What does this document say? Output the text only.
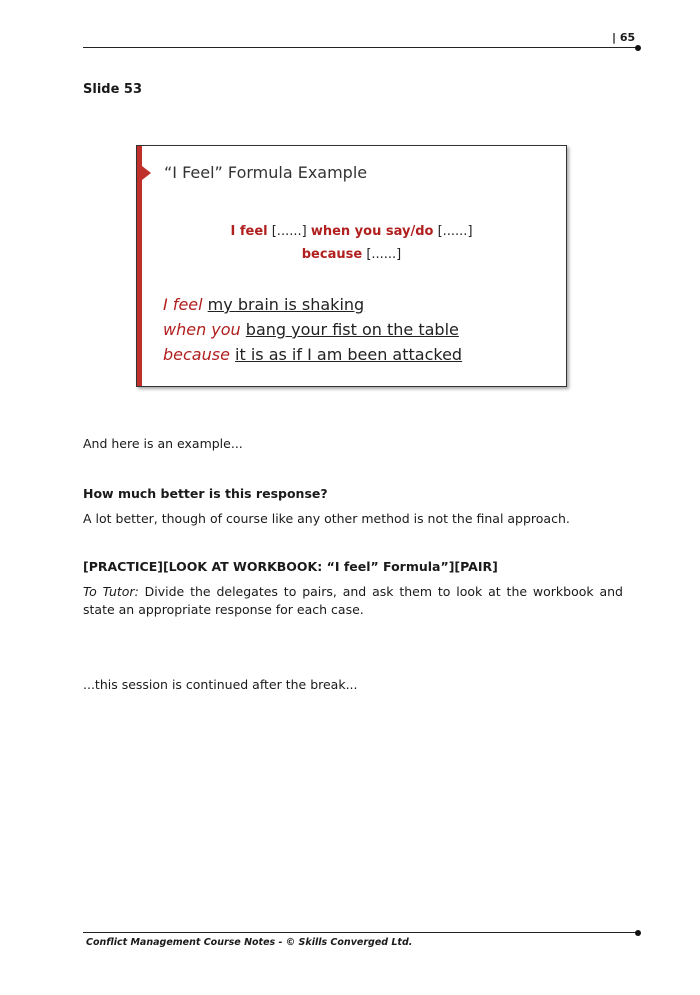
| 65
Slide 53
“I Feel” Formula Example
I feel [......] when you say/do [......]
because [......]
I feel my brain is shaking
when you bang your fist on the table
because it is as if I am been attacked
And here is an example...
How much better is this response?
A lot better, though of course like any other method is not the final approach.
[PRACTICE][LOOK AT WORKBOOK: “I feel” Formula”][PAIR]
To Tutor: Divide the delegates to pairs, and ask them to look at the workbook and state an appropriate response for each case.
...this session is continued after the break...
Conflict Management Course Notes - © Skills Converged Ltd.
